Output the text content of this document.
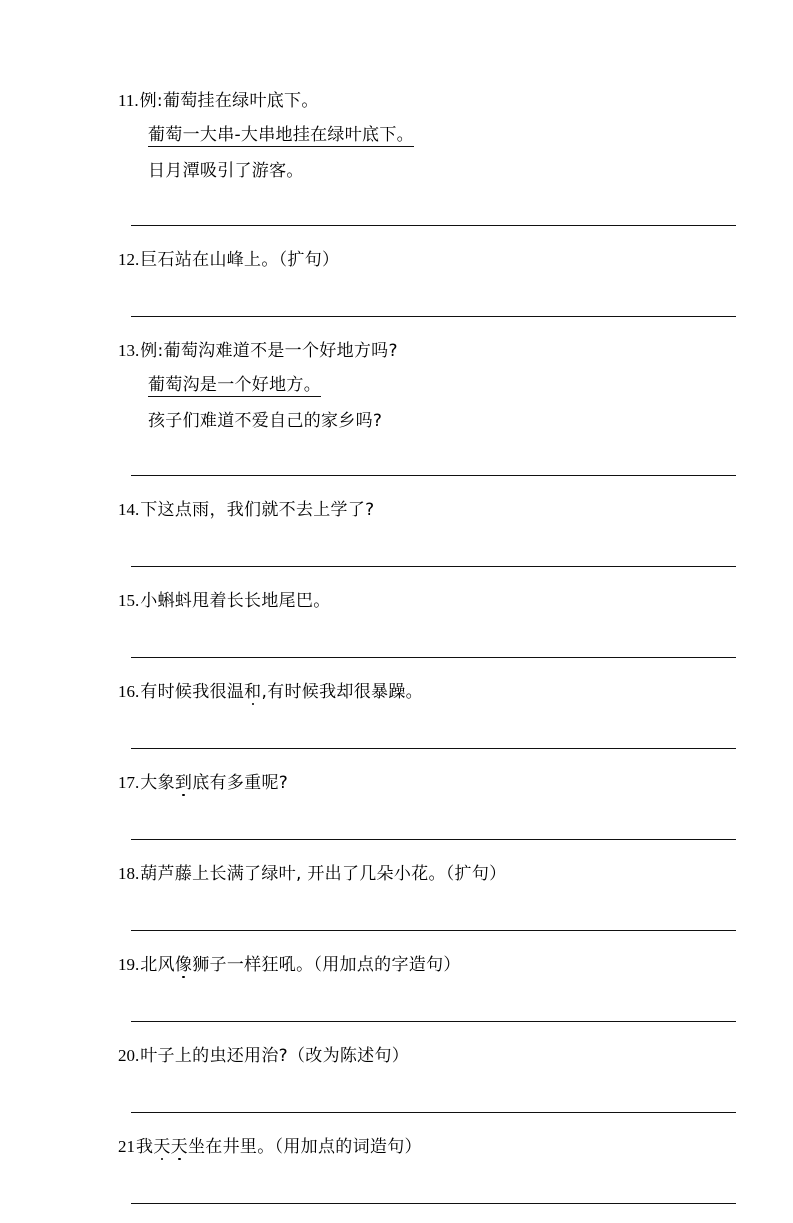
11. 例:葡萄挂在绿叶底下。
葡萄一大串-大串地挂在绿叶底下。
日月潭吸引了游客。
12. 巨石站在山峰上。（扩句）
13. 例:葡萄沟难道不是一个好地方吗?
葡萄沟是一个好地方。
孩子们难道不爱自己的家乡吗?
14. 下这点雨，我们就不去上学了?
15. 小蝌蚪甩着长长地尾巴。
16. 有时候我很温和,有时候我却很暴躁。
17. 大象到底有多重呢?
18. 葫芦藤上长满了绿叶, 开出了几朵小花。（扩句）
19. 北风像狮子一样狂吼。（用加点的字造句）
20. 叶子上的虫还用治?（改为陈述句）
21 我天天坐在井里。（用加点的词造句）
